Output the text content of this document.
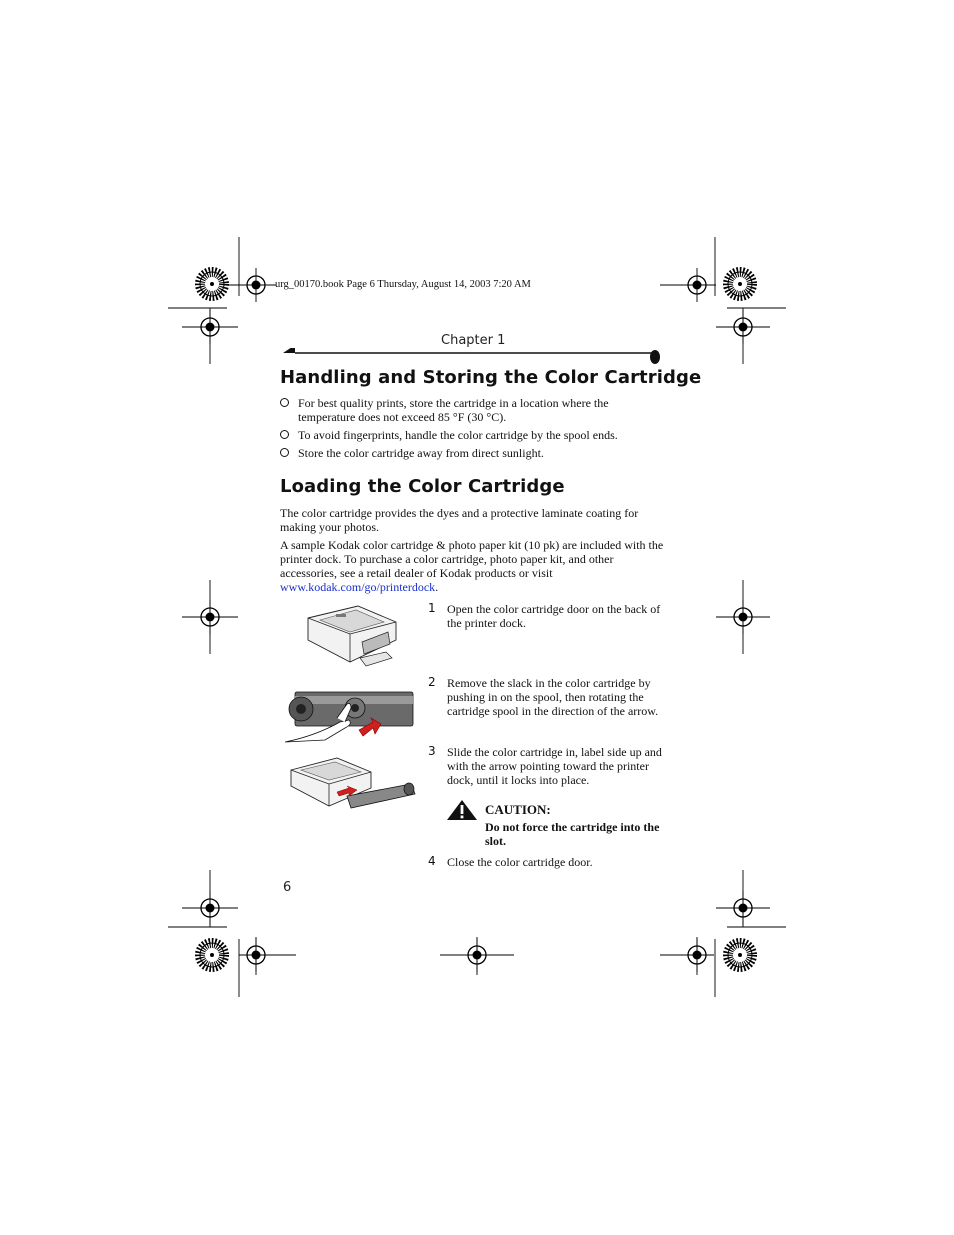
urg_00170.book Page 6 Thursday, August 14, 2003 7:20 AM
Chapter 1
Handling and Storing the Color Cartridge
For best quality prints, store the cartridge in a location where the temperature does not exceed 85 °F (30 °C).
To avoid fingerprints, handle the color cartridge by the spool ends.
Store the color cartridge away from direct sunlight.
Loading the Color Cartridge

The color cartridge provides the dyes and a protective laminate coating for making your photos.

A sample Kodak color cartridge & photo paper kit (10 pk) are included with the printer dock. To purchase a color cartridge, photo paper kit, and other accessories, see a retail dealer of Kodak products or visit www.kodak.com/go/printerdock.

1 Open the color cartridge door on the back of the printer dock.
2 Remove the slack in the color cartridge by pushing in on the spool, then rotating the cartridge spool in the direction of the arrow.
3 Slide the color cartridge in, label side up and with the arrow pointing toward the printer dock, until it locks into place.
CAUTION:
Do not force the cartridge into the slot.
4 Close the color cartridge door.
6
